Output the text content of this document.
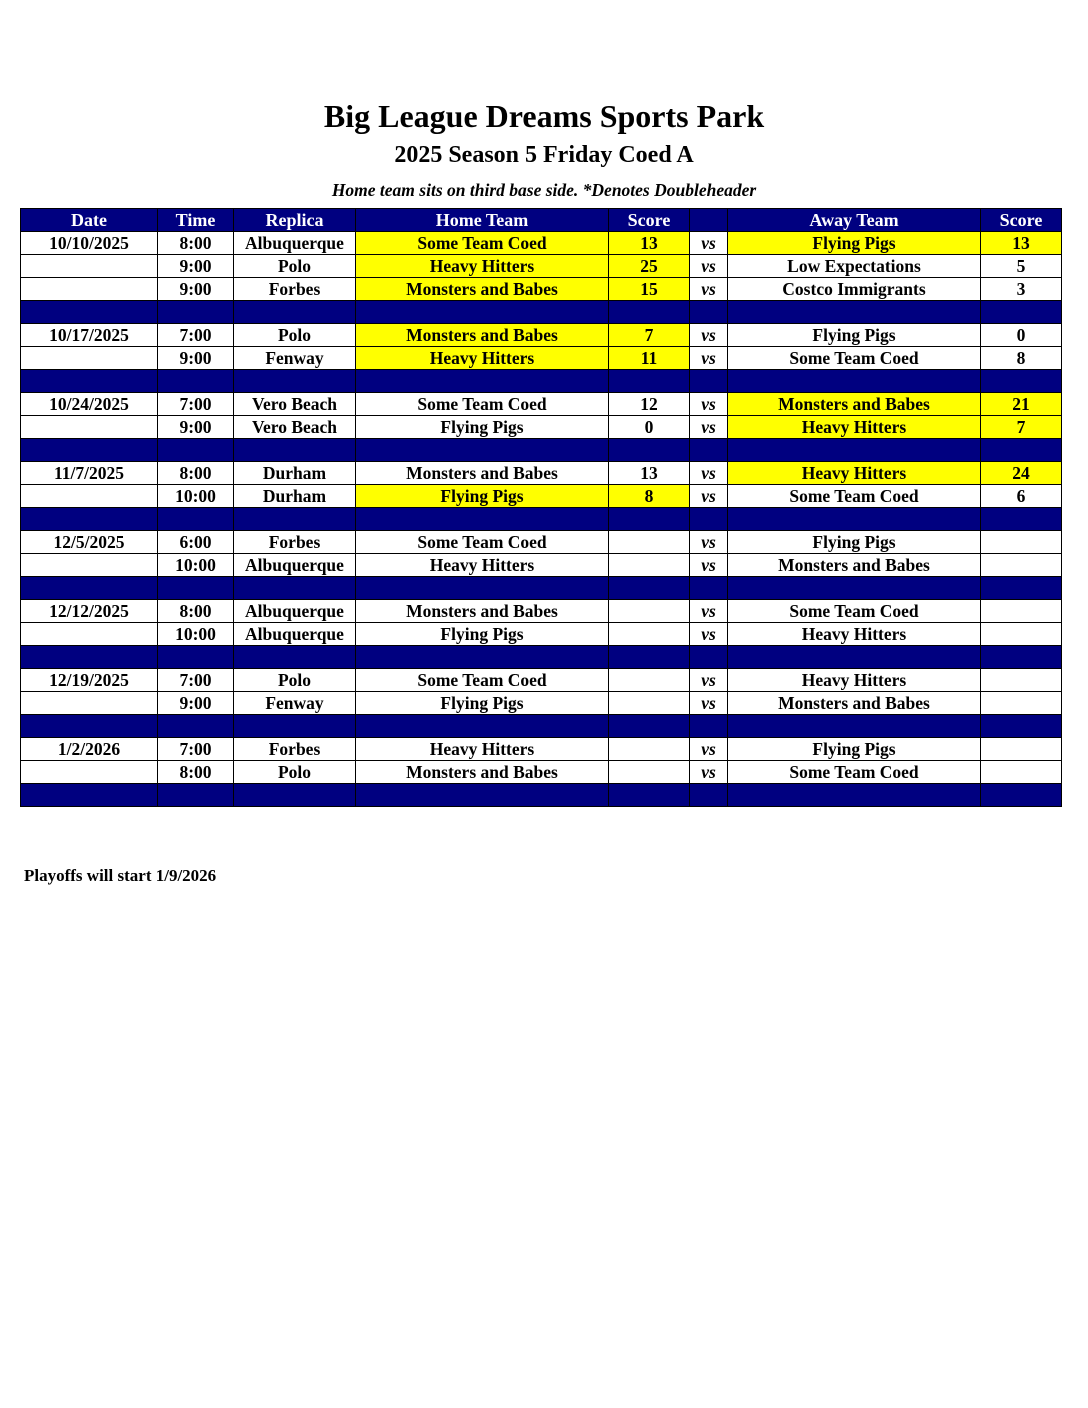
Big League Dreams Sports Park
2025 Season 5 Friday Coed A
Home team sits on third base side. *Denotes Doubleheader
Date	Time	Replica	Home Team	Score		Away Team	Score
10/10/2025	8:00	Albuquerque	Some Team Coed	13	vs	Flying Pigs	13
	9:00	Polo	Heavy Hitters	25	vs	Low Expectations	5
	9:00	Forbes	Monsters and Babes	15	vs	Costco Immigrants	3

10/17/2025	7:00	Polo	Monsters and Babes	7	vs	Flying Pigs	0
	9:00	Fenway	Heavy Hitters	11	vs	Some Team Coed	8

10/24/2025	7:00	Vero Beach	Some Team Coed	12	vs	Monsters and Babes	21
	9:00	Vero Beach	Flying Pigs	0	vs	Heavy Hitters	7

11/7/2025	8:00	Durham	Monsters and Babes	13	vs	Heavy Hitters	24
	10:00	Durham	Flying Pigs	8	vs	Some Team Coed	6

12/5/2025	6:00	Forbes	Some Team Coed		vs	Flying Pigs	
	10:00	Albuquerque	Heavy Hitters		vs	Monsters and Babes	

12/12/2025	8:00	Albuquerque	Monsters and Babes		vs	Some Team Coed	
	10:00	Albuquerque	Flying Pigs		vs	Heavy Hitters	

12/19/2025	7:00	Polo	Some Team Coed		vs	Heavy Hitters	
	9:00	Fenway	Flying Pigs		vs	Monsters and Babes	

1/2/2026	7:00	Forbes	Heavy Hitters		vs	Flying Pigs	
	8:00	Polo	Monsters and Babes		vs	Some Team Coed	

Playoffs will start 1/9/2026
